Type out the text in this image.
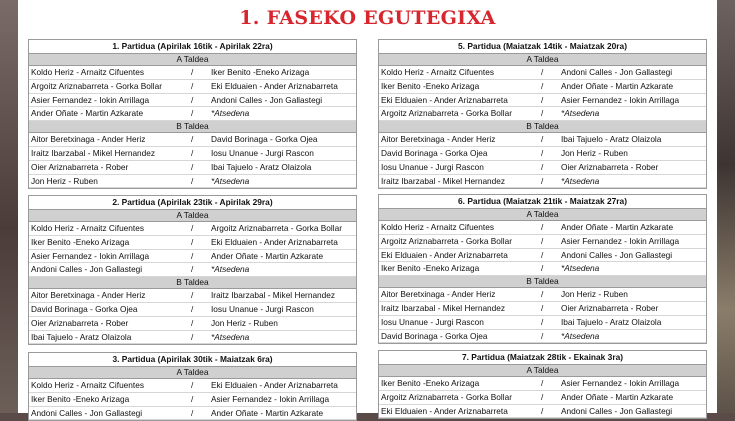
1. FASEKO EGUTEGIXA
1. Partidua (Apirilak 16tik - Apirilak 22ra)
A Taldea
Koldo Heriz - Arnaitz Cifuentes	/ Iker Benito -Eneko Arizaga
Argoitz Ariznabarreta - Gorka Bollar	/ Eki Elduaien - Ander Ariznabarreta
Asier Fernandez - Iokin Arrillaga	/ Andoni Calles - Jon Gallastegi
Ander Oñate - Martin Azkarate	/ *Atsedena
B Taldea
Aitor Beretxinaga - Ander Heriz	/ David Borinaga - Gorka Ojea
Iraitz Ibarzabal - Mikel Hernandez	/ Iosu Unanue - Jurgi Rascon
Oier Ariznabarreta - Rober	/ Ibai Tajuelo - Aratz Olaizola
Jon Heriz - Ruben	/ *Atsedena
2. Partidua (Apirilak 23tik - Apirilak 29ra)
A Taldea
Koldo Heriz - Arnaitz Cifuentes	/ Argoitz Ariznabarreta - Gorka Bollar
Iker Benito -Eneko Arizaga	/ Eki Elduaien - Ander Ariznabarreta
Asier Fernandez - Iokin Arrillaga	/ Ander Oñate - Martin Azkarate
Andoni Calles - Jon Gallastegi	/ *Atsedena
B Taldea
Aitor Beretxinaga - Ander Heriz	/ Iraitz Ibarzabal - Mikel Hernandez
David Borinaga - Gorka Ojea	/ Iosu Unanue - Jurgi Rascon
Oier Ariznabarreta - Rober	/ Jon Heriz - Ruben
Ibai Tajuelo - Aratz Olaizola	/ *Atsedena
3. Partidua (Apirilak 30tik - Maiatzak 6ra)
A Taldea
Koldo Heriz - Arnaitz Cifuentes	/ Eki Elduaien - Ander Ariznabarreta
Iker Benito -Eneko Arizaga	/ Asier Fernandez - Iokin Arrillaga
Andoni Calles - Jon Gallastegi	/ Ander Oñate - Martin Azkarate
5. Partidua (Maiatzak 14tik - Maiatzak 20ra)
A Taldea
Koldo Heriz - Arnaitz Cifuentes	/ Andoni Calles - Jon Gallastegi
Iker Benito -Eneko Arizaga	/ Ander Oñate - Martin Azkarate
Eki Elduaien - Ander Ariznabarreta	/ Asier Fernandez - Iokin Arrillaga
Argoitz Ariznabarreta - Gorka Bollar	/ *Atsedena
B Taldea
Aitor Beretxinaga - Ander Heriz	/ Ibai Tajuelo - Aratz Olaizola
David Borinaga - Gorka Ojea	/ Jon Heriz - Ruben
Iosu Unanue - Jurgi Rascon	/ Oier Ariznabarreta - Rober
Iraitz Ibarzabal - Mikel Hernandez	/ *Atsedena
6. Partidua (Maiatzak 21tik - Maiatzak 27ra)
A Taldea
Koldo Heriz - Arnaitz Cifuentes	/ Ander Oñate - Martin Azkarate
Argoitz Ariznabarreta - Gorka Bollar	/ Asier Fernandez - Iokin Arrillaga
Eki Elduaien - Ander Ariznabarreta	/ Andoni Calles - Jon Gallastegi
Iker Benito -Eneko Arizaga	/ *Atsedena
B Taldea
Aitor Beretxinaga - Ander Heriz	/ Jon Heriz - Ruben
Iraitz Ibarzabal - Mikel Hernandez	/ Oier Ariznabarreta - Rober
Iosu Unanue - Jurgi Rascon	/ Ibai Tajuelo - Aratz Olaizola
David Borinaga - Gorka Ojea	/ *Atsedena
7. Partidua (Maiatzak 28tik - Ekainak 3ra)
A Taldea
Iker Benito -Eneko Arizaga	/ Asier Fernandez - Iokin Arrillaga
Argoitz Ariznabarreta - Gorka Bollar	/ Ander Oñate - Martin Azkarate
Eki Elduaien - Ander Ariznabarreta	/ Andoni Calles - Jon Gallastegi
